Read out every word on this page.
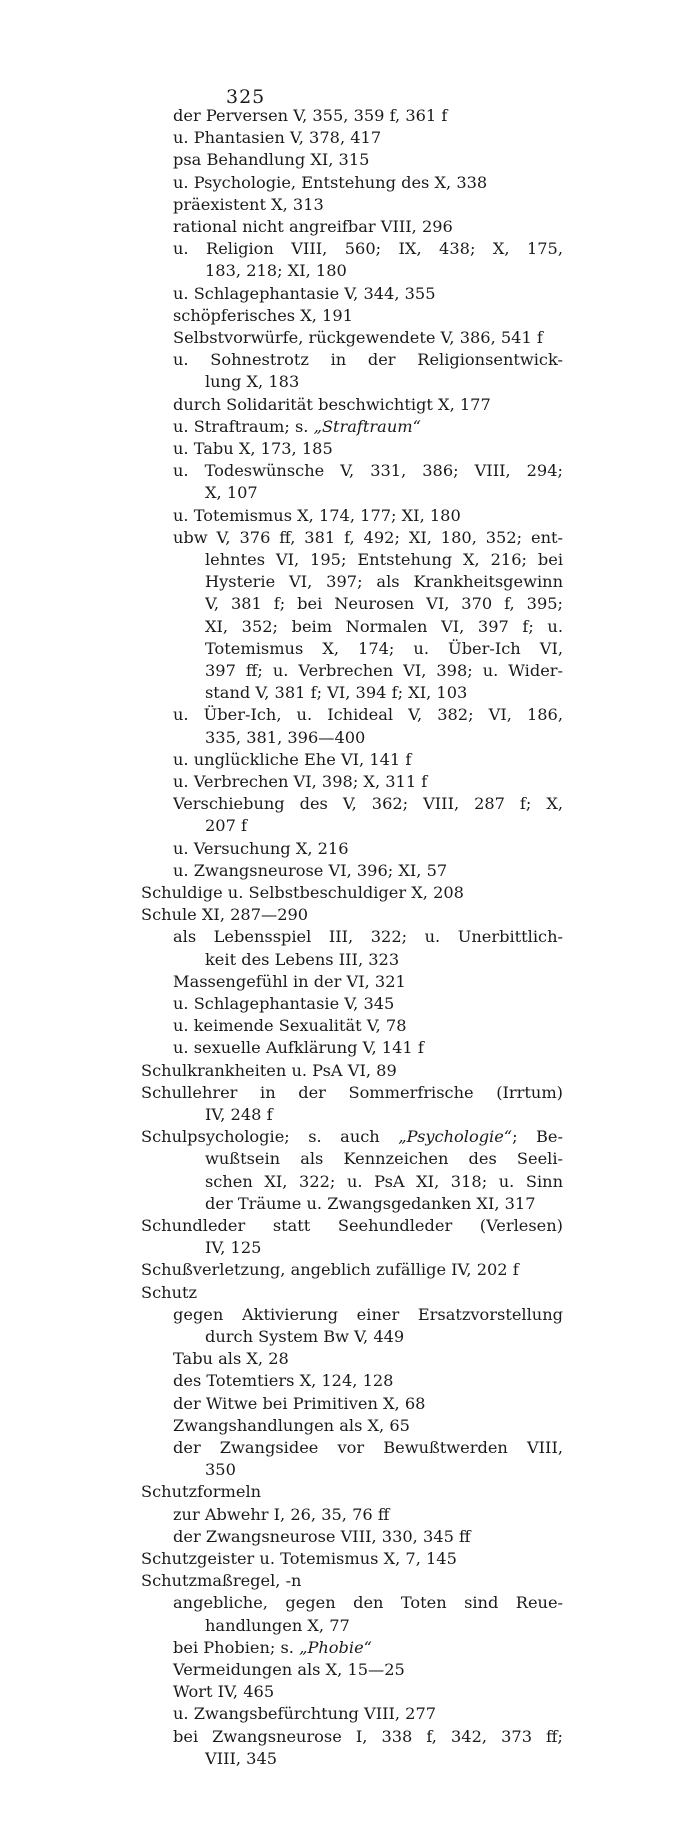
325
der Perversen V, 355, 359 f, 361 f
u. Phantasien V, 378, 417
psa Behandlung XI, 315
u. Psychologie, Entstehung des X, 338
präexistent X, 313
rational nicht angreifbar VIII, 296
u. Religion VIII, 560; IX, 438; X, 175,
183, 218; XI, 180
u. Schlagephantasie V, 344, 355
schöpferisches X, 191
Selbstvorwürfe, rückgewendete V, 386, 541 f
u. Sohnestrotz in der Religionsentwick-
lung X, 183
durch Solidarität beschwichtigt X, 177
u. Straftraum; s. „Straftraum“
u. Tabu X, 173, 185
u. Todeswünsche V, 331, 386; VIII, 294;
X, 107
u. Totemismus X, 174, 177; XI, 180
ubw V, 376 ff, 381 f, 492; XI, 180, 352; ent-
lehntes VI, 195; Entstehung X, 216; bei
Hysterie VI, 397; als Krankheitsgewinn
V, 381 f; bei Neurosen VI, 370 f, 395;
XI, 352; beim Normalen VI, 397 f; u.
Totemismus X, 174; u. Über-Ich VI,
397 ff; u. Verbrechen VI, 398; u. Wider-
stand V, 381 f; VI, 394 f; XI, 103
u. Über-Ich, u. Ichideal V, 382; VI, 186,
335, 381, 396—400
u. unglückliche Ehe VI, 141 f
u. Verbrechen VI, 398; X, 311 f
Verschiebung des V, 362; VIII, 287 f; X,
207 f
u. Versuchung X, 216
u. Zwangsneurose VI, 396; XI, 57
Schuldige u. Selbstbeschuldiger X, 208
Schule XI, 287—290
als Lebensspiel III, 322; u. Unerbittlich-
keit des Lebens III, 323
Massengefühl in der VI, 321
u. Schlagephantasie V, 345
u. keimende Sexualität V, 78
u. sexuelle Aufklärung V, 141 f
Schulkrankheiten u. PsA VI, 89
Schullehrer in der Sommerfrische (Irrtum)
IV, 248 f
Schulpsychologie; s. auch „Psychologie“; Be-
wußtsein als Kennzeichen des Seeli-
schen XI, 322; u. PsA XI, 318; u. Sinn
der Träume u. Zwangsgedanken XI, 317
Schundleder statt Seehundleder (Verlesen)
IV, 125
Schußverletzung, angeblich zufällige IV, 202 f
Schutz
gegen Aktivierung einer Ersatzvorstellung
durch System Bw V, 449
Tabu als X, 28
des Totemtiers X, 124, 128
der Witwe bei Primitiven X, 68
Zwangshandlungen als X, 65
der Zwangsidee vor Bewußtwerden VIII,
350
Schutzformeln
zur Abwehr I, 26, 35, 76 ff
der Zwangsneurose VIII, 330, 345 ff
Schutzgeister u. Totemismus X, 7, 145
Schutzmaßregel, -n
angebliche, gegen den Toten sind Reue-
handlungen X, 77
bei Phobien; s. „Phobie“
Vermeidungen als X, 15—25
Wort IV, 465
u. Zwangsbefürchtung VIII, 277
bei Zwangsneurose I, 338 f, 342, 373 ff;
VIII, 345
